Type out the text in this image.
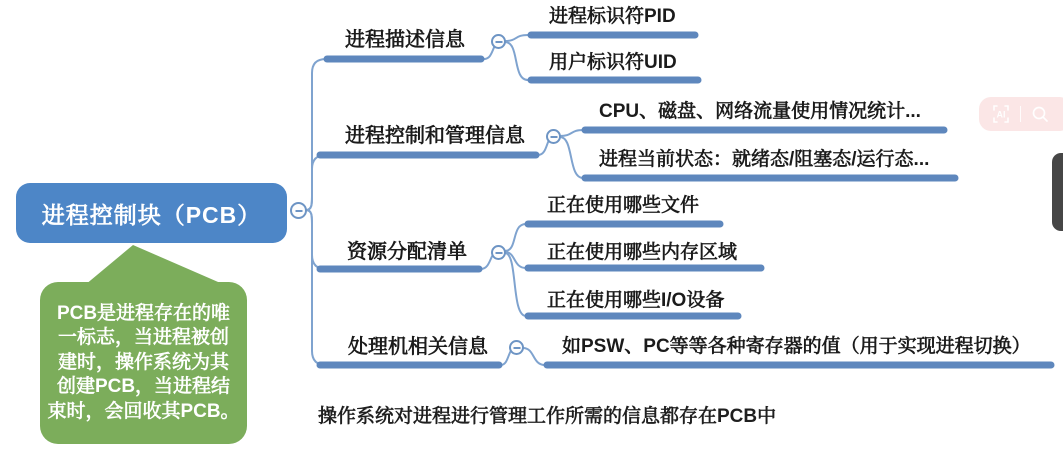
进程控制块（PCB）
进程描述信息
进程标识符PID
用户标识符UID
进程控制和管理信息
CPU、磁盘、网络流量使用情况统计...
进程当前状态：就绪态/阻塞态/运行态...
资源分配清单
正在使用哪些文件
正在使用哪些内存区域
正在使用哪些I/O设备
处理机相关信息	如PSW、PC等等各种寄存器的值（用于实现进程切换）
PCB是进程存在的唯
一标志，当进程被创
建时，操作系统为其
创建PCB，当进程结
束时，会回收其PCB。	操作系统对进程进行管理工作所需的信息都存在PCB中
AI
